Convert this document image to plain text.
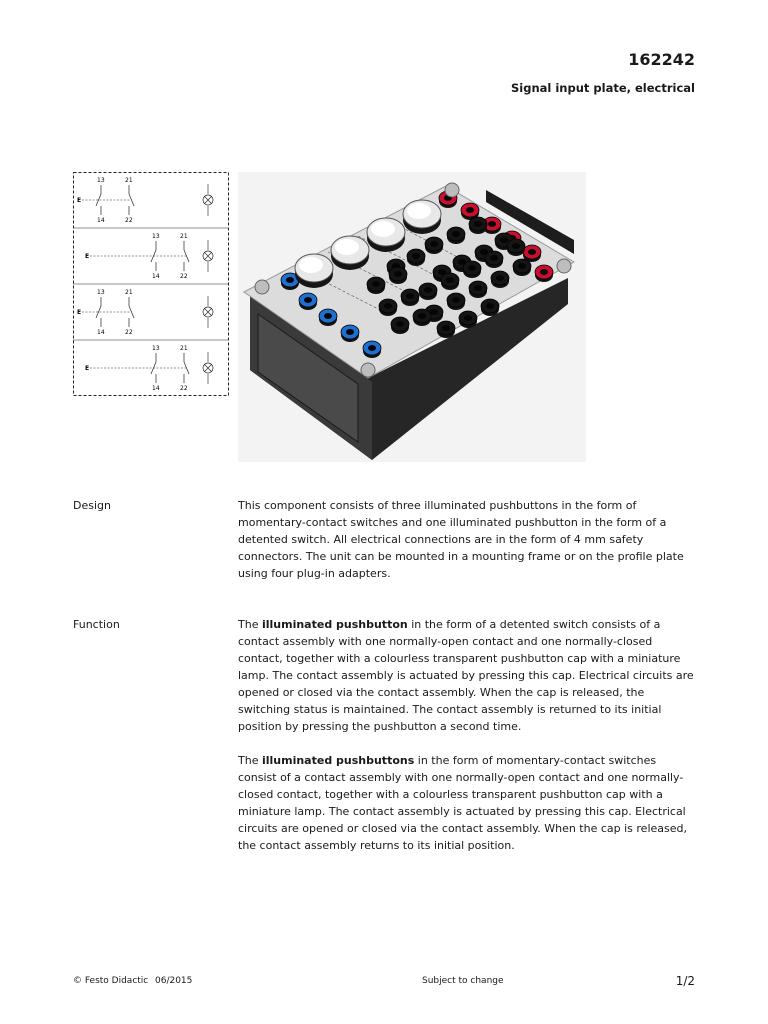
162242
Signal input plate, electrical
13	21
14	22
E
13	21
14	22
E
13	21
14	22
E
13	21
14	22
E
Design	This component consists of three illuminated pushbuttons in the form of momentary-contact switches and one illuminated pushbutton in the form of a detented switch. All electrical connections are in the form of 4 mm safety connectors. The unit can be mounted in a mounting frame or on the profile plate using four plug-in adapters.

Function	The illuminated pushbutton in the form of a detented switch consists of a contact assembly with one normally-open contact and one normally-closed contact, together with a colourless transparent pushbutton cap with a miniature lamp. The contact assembly is actuated by pressing this cap. Electrical circuits are opened or closed via the contact assembly. When the cap is released, the switching status is maintained. The contact assembly is returned to its initial position by pressing the pushbutton a second time.

The illuminated pushbuttons in the form of momentary-contact switches consist of a contact assembly with one normally-open contact and one normally-closed contact, together with a colourless transparent pushbutton cap with a miniature lamp. The contact assembly is actuated by pressing this cap. Electrical circuits are opened or closed via the contact assembly. When the cap is released, the contact assembly returns to its initial position.

© Festo Didactic 06/2015	Subject to change	1/2
